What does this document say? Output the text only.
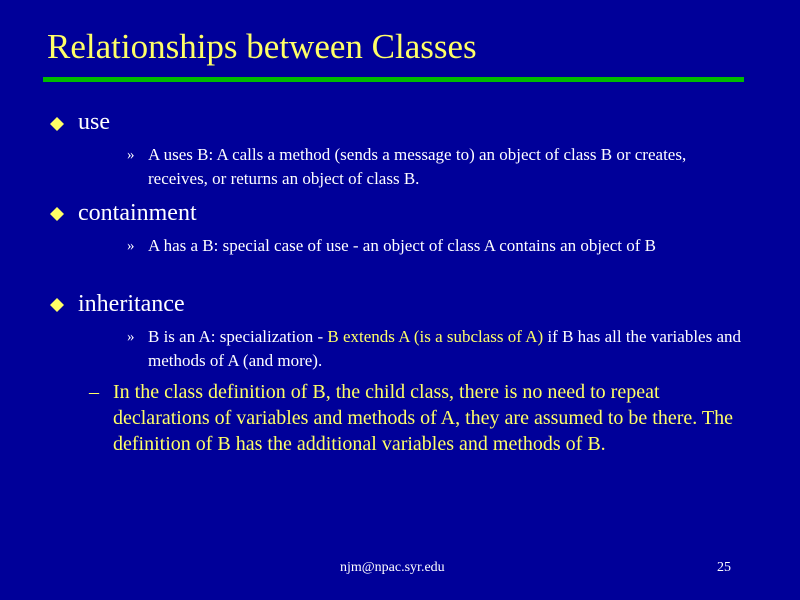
Relationships between Classes
use
» A uses B: A calls a method (sends a message to) an object of class B or creates, receives, or returns an object of class B.
containment
» A has a B: special case of use - an object of class A contains an object of B
inheritance
» B is an A: specialization - B extends A (is a subclass of A) if B has all the variables and methods of A (and more).
– In the class definition of B, the child class, there is no need to repeat declarations of variables and methods of A, they are assumed to be there. The definition of B has the additional variables and methods of B.
njm@npac.syr.edu	25
